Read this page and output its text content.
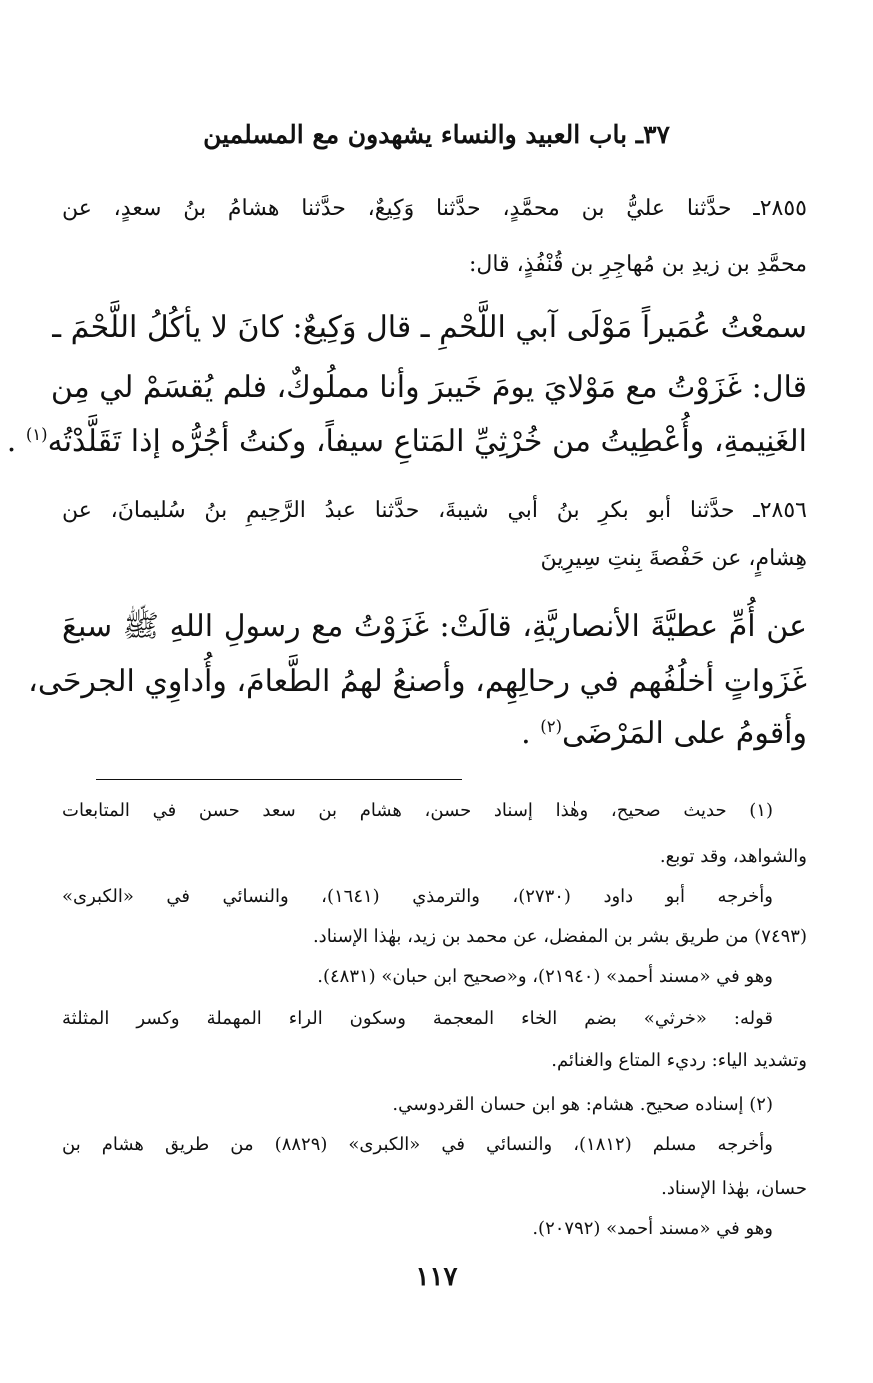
٣٧ـ باب العبيد والنساء يشهدون مع المسلمين
٢٨٥٥ـ حدَّثنا عليُّ بن محمَّدٍ، حدَّثنا وَكِيعٌ، حدَّثنا هشامُ بنُ سعدٍ، عن
محمَّدِ بن زيدِ بن مُهاجِرِ بن قُنْفُذٍ، قال:
سمعْتُ عُمَيراً مَوْلَى آبي اللَّحْمِ ـ قال وَكِيعٌ: كانَ لا يأكُلُ اللَّحْمَ ـ
قال: غَزَوْتُ مع مَوْلايَ يومَ خَيبرَ وأنا مملُوكٌ، فلم يُقسَمْ لي مِن
الغَنِيمةِ، وأُعْطِيتُ من خُرْثِيِّ المَتاعِ سيفاً، وكنتُ أجُرُّه إذا تَقَلَّدْتُه$^{(١)}$ .
٢٨٥٦ـ حدَّثنا أبو بكرِ بنُ أبي شيبةَ، حدَّثنا عبدُ الرَّحِيمِ بنُ سُليمانَ، عن
هِشامٍ، عن حَفْصةَ بِنتِ سِيرِينَ
عن أُمِّ عطيَّةَ الأنصاريَّةِ، قالَتْ: غَزَوْتُ مع رسولِ اللهِ ﷺ سبعَ
غَزَواتٍ أخلُفُهم في رحالِهِم، وأصنعُ لهمُ الطَّعامَ، وأُداوِي الجرحَى،
وأقومُ على المَرْضَى$^{(٢)}$ .
(١) حديث صحيح، وهٰذا إسناد حسن، هشام بن سعد حسن في المتابعات
والشواهد، وقد توبع.
وأخرجه أبو داود (٢٧٣٠)، والترمذي (١٦٤١)، والنسائي في «الكبرى»
(٧٤٩٣) من طريق بشر بن المفضل، عن محمد بن زيد، بهٰذا الإسناد.
وهو في «مسند أحمد» (٢١٩٤٠)، و«صحيح ابن حبان» (٤٨٣١).
قوله: «خرثي» بضم الخاء المعجمة وسكون الراء المهملة وكسر المثلثة
وتشديد الياء: رديء المتاع والغنائم.
(٢) إسناده صحيح. هشام: هو ابن حسان القردوسي.
وأخرجه مسلم (١٨١٢)، والنسائي في «الكبرى» (٨٨٢٩) من طريق هشام بن
حسان، بهٰذا الإسناد.
وهو في «مسند أحمد» (٢٠٧٩٢).
١١٧
